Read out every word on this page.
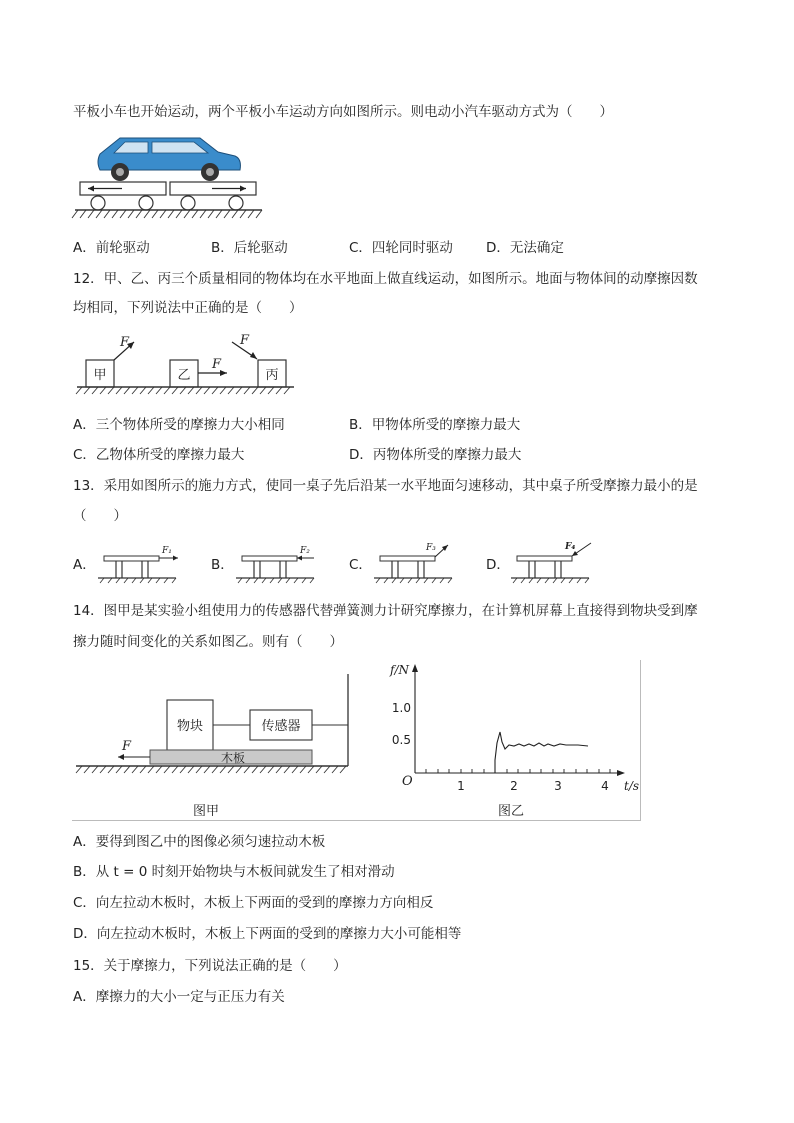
平板小车也开始运动，两个平板小车运动方向如图所示。则电动小汽车驱动方式为（　　）
A．前轮驱动	B．后轮驱动	C．四轮同时驱动 D．无法确定
12．甲、乙、丙三个质量相同的物体均在水平地面上做直线运动，如图所示。地面与物体间的动摩擦因数
均相同，下列说法中正确的是（　　）
甲
F
乙
F
丙
F
A．三个物体所受的摩擦力大小相同	B．甲物体所受的摩擦力最大
C．乙物体所受的摩擦力最大	D．丙物体所受的摩擦力最大
13．采用如图所示的施力方式，使同一桌子先后沿某一水平地面匀速移动，其中桌子所受摩擦力最小的是
（　　）
A．
F₁
B．
F₂
C．
F₃
D．
F₄
14．图甲是某实验小组使用力的传感器代替弹簧测力计研究摩擦力，在计算机屏幕上直接得到物块受到摩
擦力随时间变化的关系如图乙。则有（　　）
物块	传感器
木板
F
图甲
f/N
t/s
O
1.0
0.5
1	2	3	4
图乙
A．要得到图乙中的图像必须匀速拉动木板
B．从 t = 0 时刻开始物块与木板间就发生了相对滑动
C．向左拉动木板时，木板上下两面的受到的摩擦力方向相反
D．向左拉动木板时，木板上下两面的受到的摩擦力大小可能相等
15．关于摩擦力，下列说法正确的是（　　）
A．摩擦力的大小一定与正压力有关
